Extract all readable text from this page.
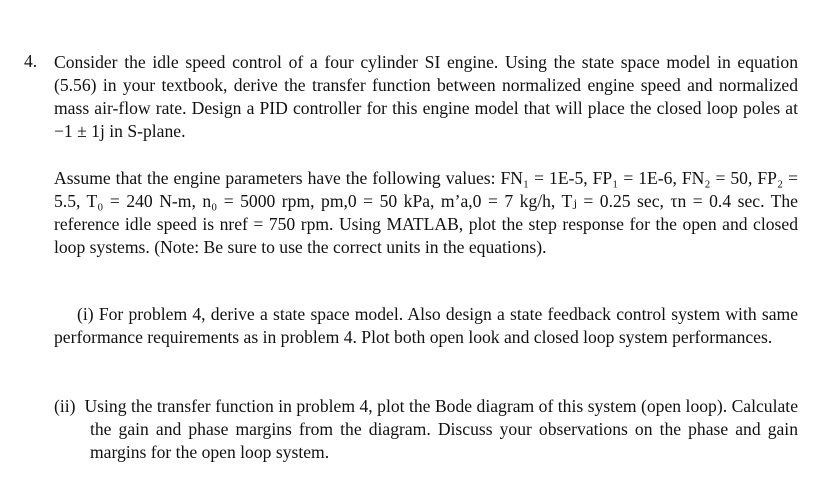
4. Consider the idle speed control of a four cylinder SI engine. Using the state space model in equation (5.56) in your textbook, derive the transfer function between normalized engine speed and normalized mass air-flow rate. Design a PID controller for this engine model that will place the closed loop poles at −1 ± 1j in S-plane.

Assume that the engine parameters have the following values: FN₁ = 1E-5, FP₁ = 1E-6, FN₂ = 50, FP₂ = 5.5, T₀ = 240 N-m, n₀ = 5000 rpm, pm,0 = 50 kPa, m’a,0 = 7 kg/h, Tⱼ = 0.25 sec, τn = 0.4 sec. The reference idle speed is nref = 750 rpm. Using MATLAB, plot the step response for the open and closed loop systems. (Note: Be sure to use the correct units in the equations).

(i) For problem 4, derive a state space model. Also design a state feedback control system with same performance requirements as in problem 4. Plot both open look and closed loop system performances.

(ii) Using the transfer function in problem 4, plot the Bode diagram of this system (open loop). Calculate the gain and phase margins from the diagram. Discuss your observations on the phase and gain margins for the open loop system.
